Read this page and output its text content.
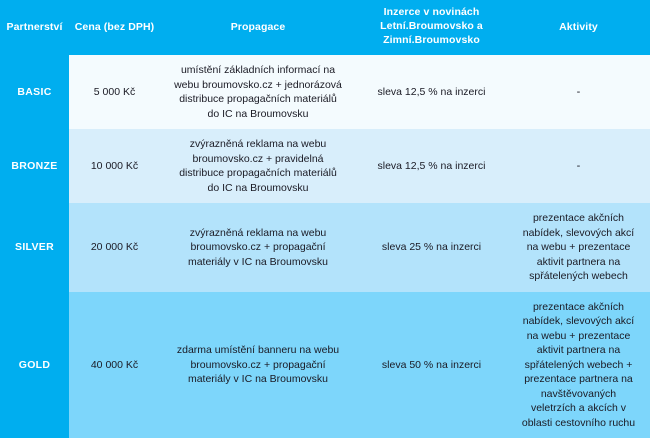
Partnerství	Cena (bez DPH)	Propagace	Inzerce v novinách
Letní.Broumovsko a
Zimní.Broumovsko	Aktivity
BASIC	5 000 Kč	umístění základních informací na webu broumovsko.cz + jednorázová distribuce propagačních materiálů do IC na Broumovsku	sleva 12,5 % na inzerci	-
BRONZE	10 000 Kč	zvýrazněná reklama na webu broumovsko.cz + pravidelná distribuce propagačních materiálů do IC na Broumovsku	sleva 12,5 % na inzerci	-
SILVER	20 000 Kč	zvýrazněná reklama na webu broumovsko.cz + propagační materiály v IC na Broumovsku	sleva 25 % na inzerci	prezentace akčních nabídek, slevových akcí na webu + prezentace aktivit partnera na spřátelených webech
GOLD	40 000 Kč	zdarma umístění banneru na webu broumovsko.cz + propagační materiály v IC na Broumovsku	sleva 50 % na inzerci	prezentace akčních nabídek, slevových akcí na webu + prezentace aktivit partnera na spřátelených webech + prezentace partnera na navštěvovaných veletrzích a akcích v oblasti cestovního ruchu
